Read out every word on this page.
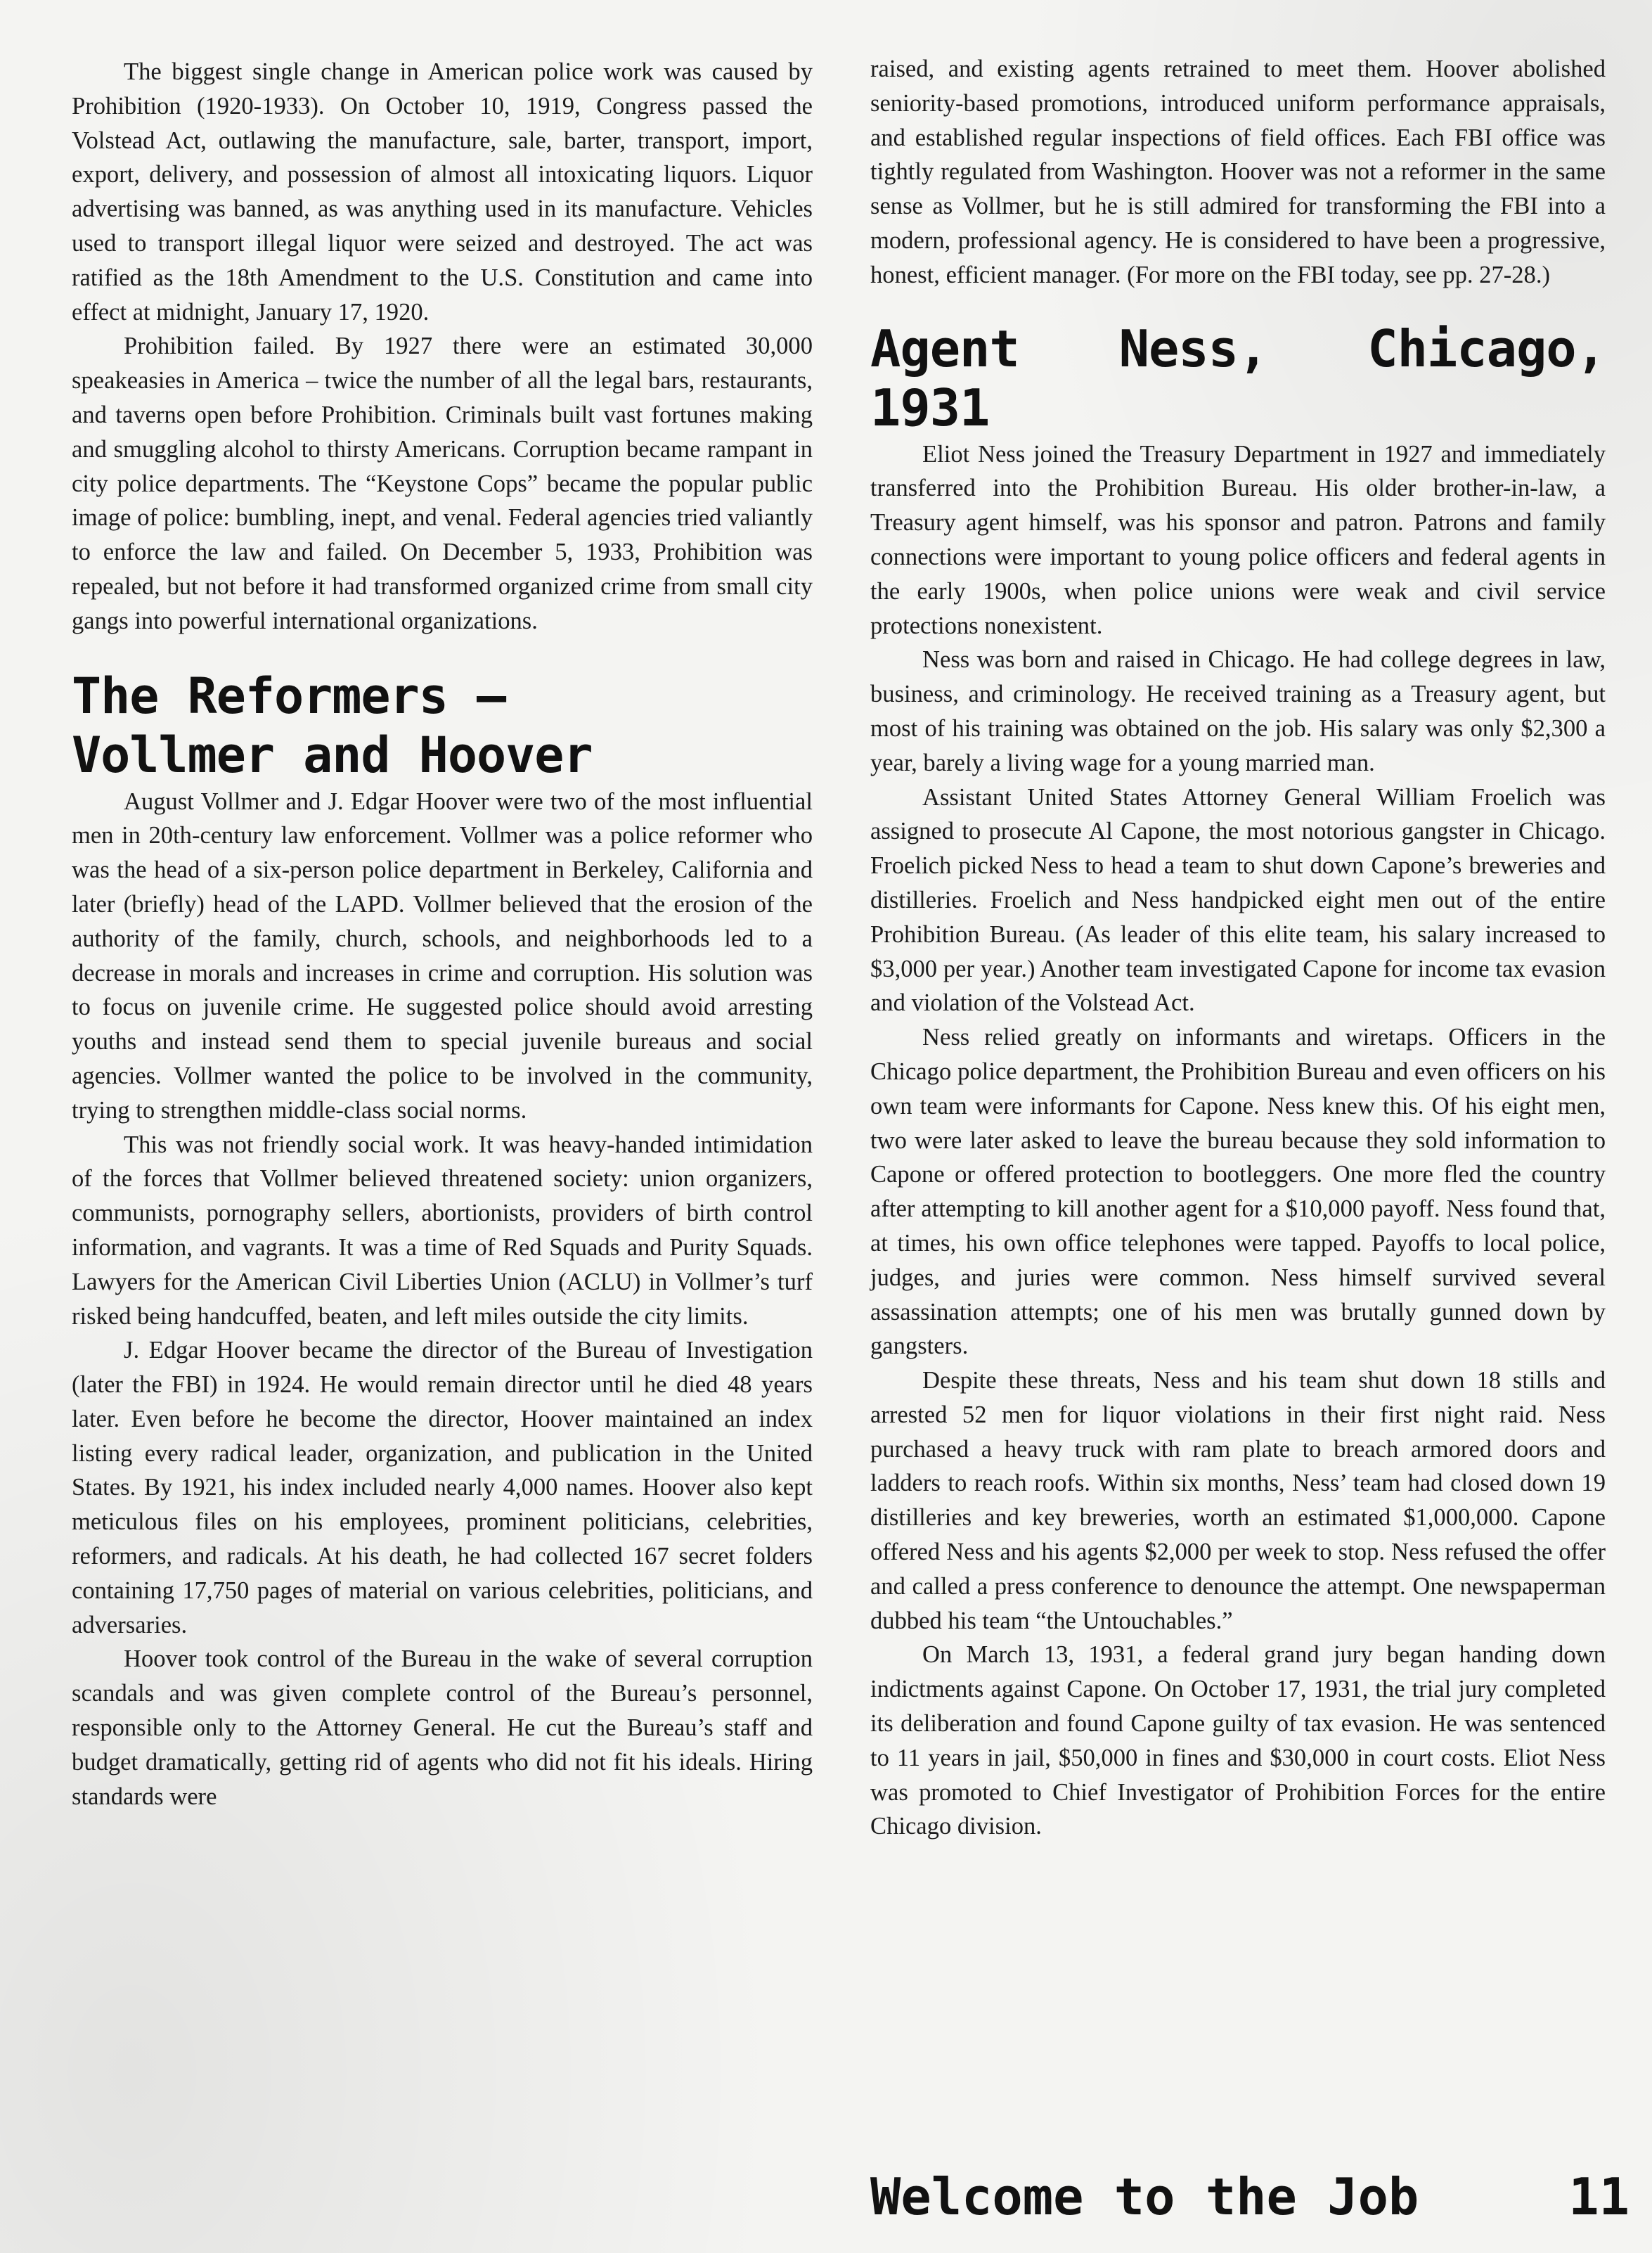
The biggest single change in American police work was caused by Prohibition (1920-1933). On October 10, 1919, Congress passed the Volstead Act, outlawing the manufacture, sale, barter, transport, import, export, delivery, and possession of almost all intoxicating liquors. Liquor advertising was banned, as was anything used in its manufacture. Vehicles used to transport illegal liquor were seized and destroyed. The act was ratified as the 18th Amendment to the U.S. Constitution and came into effect at midnight, January 17, 1920.

Prohibition failed. By 1927 there were an estimated 30,000 speakeasies in America – twice the number of all the legal bars, restaurants, and taverns open before Prohibition. Criminals built vast fortunes making and smuggling alcohol to thirsty Americans. Corruption became rampant in city police departments. The “Keystone Cops” became the popular public image of police: bumbling, inept, and venal. Federal agencies tried valiantly to enforce the law and failed. On December 5, 1933, Prohibition was repealed, but not before it had transformed organized crime from small city gangs into powerful international organizations.

The Reformers –
Vollmer and Hoover

August Vollmer and J. Edgar Hoover were two of the most influential men in 20th-century law enforcement. Vollmer was a police reformer who was the head of a six-person police department in Berkeley, California and later (briefly) head of the LAPD. Vollmer believed that the erosion of the authority of the family, church, schools, and neighborhoods led to a decrease in morals and increases in crime and corruption. His solution was to focus on juvenile crime. He suggested police should avoid arresting youths and instead send them to special juvenile bureaus and social agencies. Vollmer wanted the police to be involved in the community, trying to strengthen middle-class social norms.

This was not friendly social work. It was heavy-handed intimidation of the forces that Vollmer believed threatened society: union organizers, communists, pornography sellers, abortionists, providers of birth control information, and vagrants. It was a time of Red Squads and Purity Squads. Lawyers for the American Civil Liberties Union (ACLU) in Vollmer’s turf risked being handcuffed, beaten, and left miles outside the city limits.

J. Edgar Hoover became the director of the Bureau of Investigation (later the FBI) in 1924. He would remain director until he died 48 years later. Even before he become the director, Hoover maintained an index listing every radical leader, organization, and publication in the United States. By 1921, his index included nearly 4,000 names. Hoover also kept meticulous files on his employees, prominent politicians, celebrities, reformers, and radicals. At his death, he had collected 167 secret folders containing 17,750 pages of material on various celebrities, politicians, and adversaries.

Hoover took control of the Bureau in the wake of several corruption scandals and was given complete control of the Bureau’s personnel, responsible only to the Attorney General. He cut the Bureau’s staff and budget dramatically, getting rid of agents who did not fit his ideals. Hiring standards were

raised, and existing agents retrained to meet them. Hoover abolished seniority-based promotions, introduced uniform performance appraisals, and established regular inspections of field offices. Each FBI office was tightly regulated from Washington. Hoover was not a reformer in the same sense as Vollmer, but he is still admired for transforming the FBI into a modern, professional agency. He is considered to have been a progressive, honest, efficient manager. (For more on the FBI today, see pp. 27-28.)

Agent Ness, Chicago, 1931

Eliot Ness joined the Treasury Department in 1927 and immediately transferred into the Prohibition Bureau. His older brother-in-law, a Treasury agent himself, was his sponsor and patron. Patrons and family connections were important to young police officers and federal agents in the early 1900s, when police unions were weak and civil service protections nonexistent.

Ness was born and raised in Chicago. He had college degrees in law, business, and criminology. He received training as a Treasury agent, but most of his training was obtained on the job. His salary was only $2,300 a year, barely a living wage for a young married man.

Assistant United States Attorney General William Froelich was assigned to prosecute Al Capone, the most notorious gangster in Chicago. Froelich picked Ness to head a team to shut down Capone’s breweries and distilleries. Froelich and Ness handpicked eight men out of the entire Prohibition Bureau. (As leader of this elite team, his salary increased to $3,000 per year.) Another team investigated Capone for income tax evasion and violation of the Volstead Act.

Ness relied greatly on informants and wiretaps. Officers in the Chicago police department, the Prohibition Bureau and even officers on his own team were informants for Capone. Ness knew this. Of his eight men, two were later asked to leave the bureau because they sold information to Capone or offered protection to bootleggers. One more fled the country after attempting to kill another agent for a $10,000 payoff. Ness found that, at times, his own office telephones were tapped. Payoffs to local police, judges, and juries were common. Ness himself survived several assassination attempts; one of his men was brutally gunned down by gangsters.

Despite these threats, Ness and his team shut down 18 stills and arrested 52 men for liquor violations in their first night raid. Ness purchased a heavy truck with ram plate to breach armored doors and ladders to reach roofs. Within six months, Ness’ team had closed down 19 distilleries and key breweries, worth an estimated $1,000,000. Capone offered Ness and his agents $2,000 per week to stop. Ness refused the offer and called a press conference to denounce the attempt. One newspaperman dubbed his team “the Untouchables.”

On March 13, 1931, a federal grand jury began handing down indictments against Capone. On October 17, 1931, the trial jury completed its deliberation and found Capone guilty of tax evasion. He was sentenced to 11 years in jail, $50,000 in fines and $30,000 in court costs. Eliot Ness was promoted to Chief Investigator of Prohibition Forces for the entire Chicago division.

Welcome to the Job	11
